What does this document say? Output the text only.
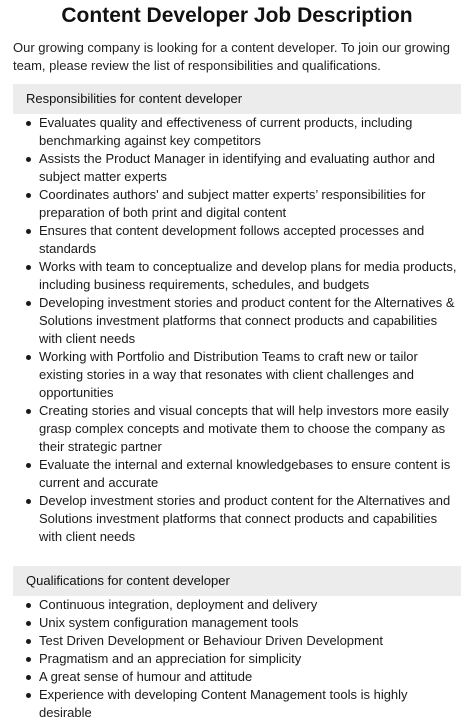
Content Developer Job Description

Our growing company is looking for a content developer. To join our growing team, please review the list of responsibilities and qualifications.

Responsibilities for content developer
Evaluates quality and effectiveness of current products, including benchmarking against key competitors
Assists the Product Manager in identifying and evaluating author and subject matter experts
Coordinates authors' and subject matter experts’ responsibilities for preparation of both print and digital content
Ensures that content development follows accepted processes and standards
Works with team to conceptualize and develop plans for media products, including business requirements, schedules, and budgets
Developing investment stories and product content for the Alternatives & Solutions investment platforms that connect products and capabilities with client needs
Working with Portfolio and Distribution Teams to craft new or tailor existing stories in a way that resonates with client challenges and opportunities
Creating stories and visual concepts that will help investors more easily grasp complex concepts and motivate them to choose the company as their strategic partner
Evaluate the internal and external knowledgebases to ensure content is current and accurate
Develop investment stories and product content for the Alternatives and Solutions investment platforms that connect products and capabilities with client needs
Qualifications for content developer
Continuous integration, deployment and delivery
Unix system configuration management tools
Test Driven Development or Behaviour Driven Development
Pragmatism and an appreciation for simplicity
A great sense of humour and attitude
Experience with developing Content Management tools is highly desirable
